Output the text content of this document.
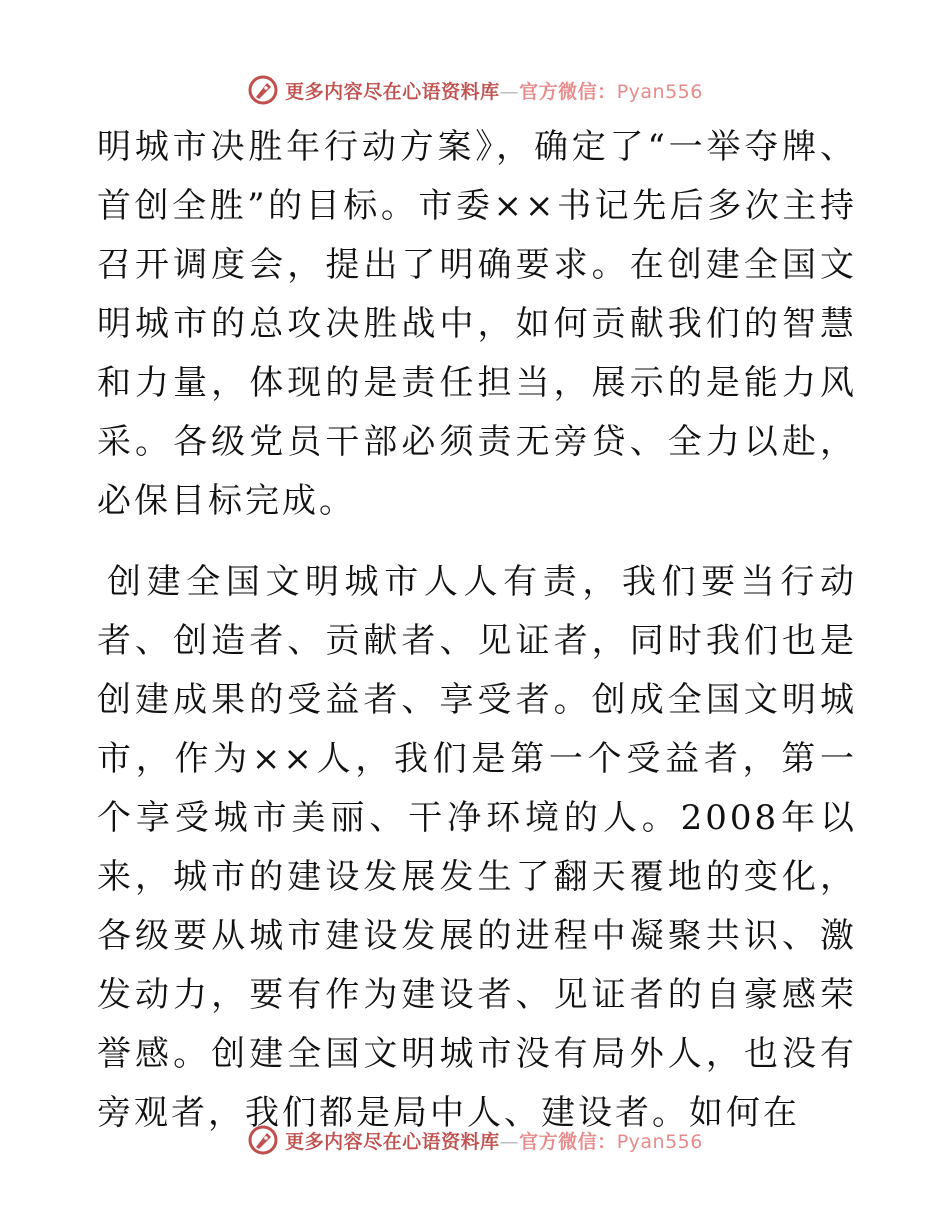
更多内容尽在心语资料库—官方微信：Pyan556

明城市决胜年行动方案》，确定了“一举夺牌、首创全胜”的目标。市委××书记先后多次主持召开调度会，提出了明确要求。在创建全国文明城市的总攻决胜战中，如何贡献我们的智慧和力量，体现的是责任担当，展示的是能力风采。各级党员干部必须责无旁贷、全力以赴，必保目标完成。

创建全国文明城市人人有责，我们要当行动者、创造者、贡献者、见证者，同时我们也是创建成果的受益者、享受者。创成全国文明城市，作为××人，我们是第一个受益者，第一个享受城市美丽、干净环境的人。2008年以来，城市的建设发展发生了翻天覆地的变化，各级要从城市建设发展的进程中凝聚共识、激发动力，要有作为建设者、见证者的自豪感荣誉感。创建全国文明城市没有局外人，也没有旁观者，我们都是局中人、建设者。如何在

更多内容尽在心语资料库—官方微信：Pyan556
